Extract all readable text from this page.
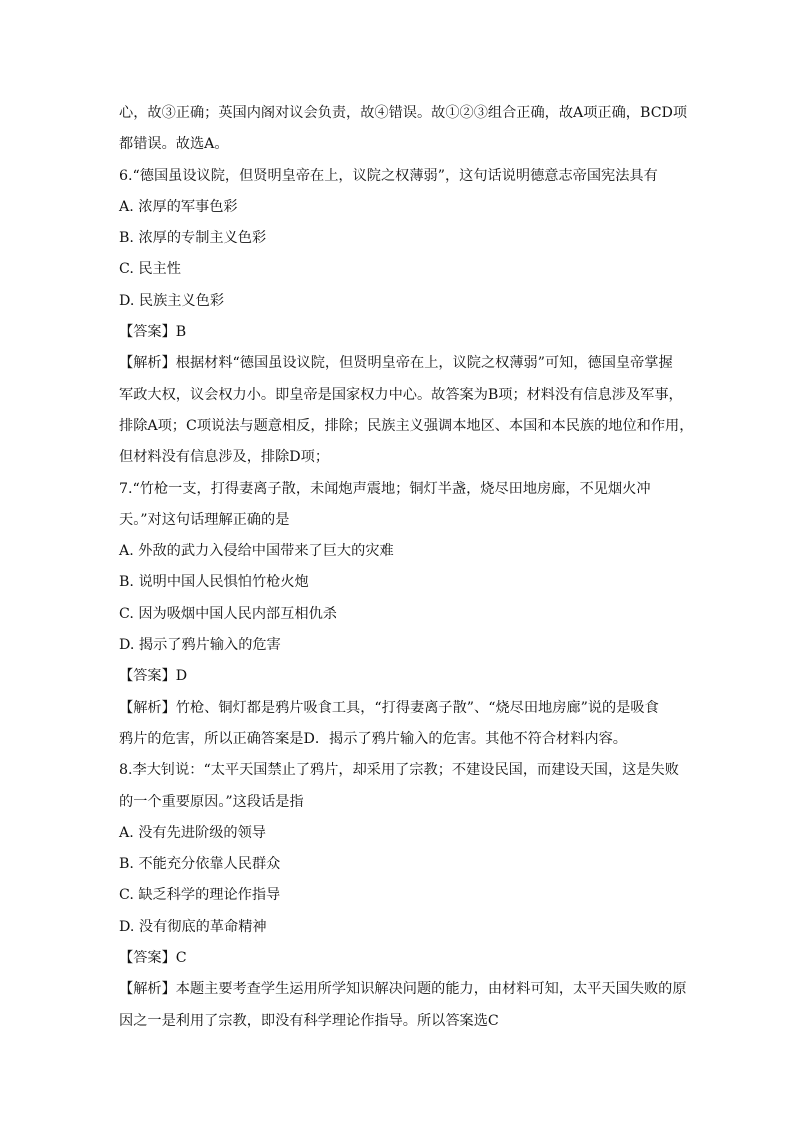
心，故③正确；英国内阁对议会负责，故④错误。故①②③组合正确，故A项正确，BCD项
都错误。故选A。
6.“德国虽设议院，但贤明皇帝在上，议院之权薄弱”，这句话说明德意志帝国宪法具有
A. 浓厚的军事色彩
B. 浓厚的专制主义色彩
C. 民主性
D. 民族主义色彩
【答案】B
【解析】根据材料“德国虽设议院，但贤明皇帝在上，议院之权薄弱”可知，德国皇帝掌握
军政大权，议会权力小。即皇帝是国家权力中心。故答案为B项；材料没有信息涉及军事，
排除A项；C项说法与题意相反，排除；民族主义强调本地区、本国和本民族的地位和作用，
但材料没有信息涉及，排除D项；
7.“竹枪一支，打得妻离子散，未闻炮声震地；铜灯半盏，烧尽田地房廊，不见烟火冲
天。”对这句话理解正确的是
A. 外敌的武力入侵给中国带来了巨大的灾难
B. 说明中国人民惧怕竹枪火炮
C. 因为吸烟中国人民内部互相仇杀
D. 揭示了鸦片输入的危害
【答案】D
【解析】竹枪、铜灯都是鸦片吸食工具，“打得妻离子散”、“烧尽田地房廊”说的是吸食
鸦片的危害，所以正确答案是D．揭示了鸦片输入的危害。其他不符合材料内容。
8.李大钊说：“太平天国禁止了鸦片，却采用了宗教；不建设民国，而建设天国，这是失败
的一个重要原因。”这段话是指
A. 没有先进阶级的领导
B. 不能充分依靠人民群众
C. 缺乏科学的理论作指导
D. 没有彻底的革命精神
【答案】C
【解析】本题主要考查学生运用所学知识解决问题的能力，由材料可知，太平天国失败的原
因之一是利用了宗教，即没有科学理论作指导。所以答案选C
